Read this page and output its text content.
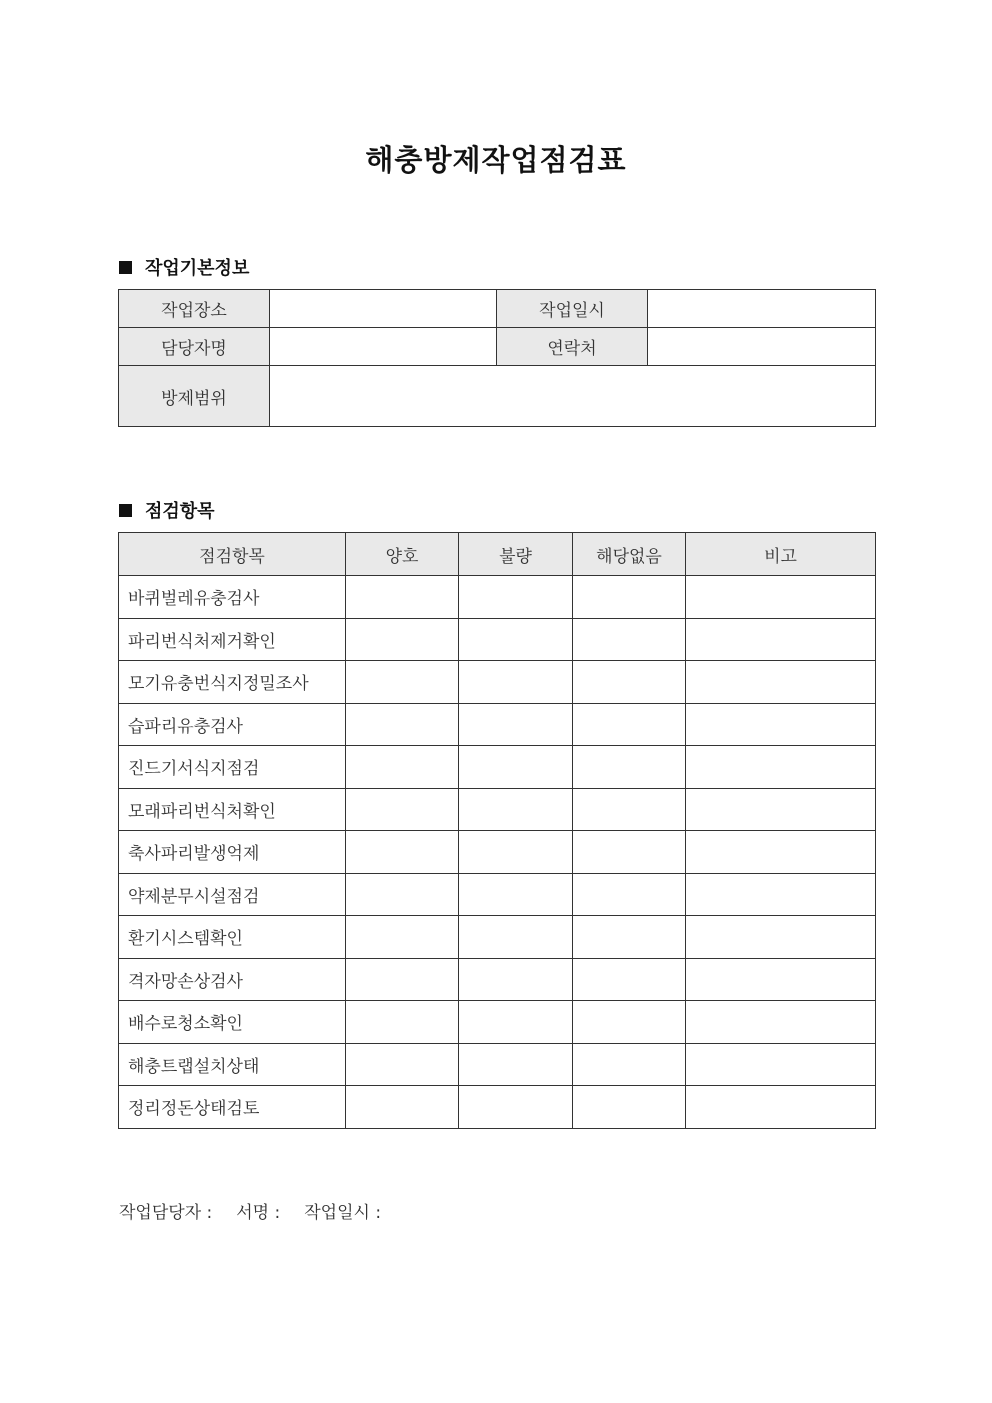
해충방제작업점검표
작업기본정보
작업장소		작업일시	
담당자명		연락처	
방제범위			
점검항목
점검항목	양호	불량	해당없음	비고
바퀴벌레유충검사				
파리번식처제거확인				
모기유충번식지정밀조사				
습파리유충검사				
진드기서식지점검				
모래파리번식처확인				
축사파리발생억제				
약제분무시설점검				
환기시스템확인				
격자망손상검사				
배수로청소확인				
해충트랩설치상태				
정리정돈상태검토				
작업담당자 : 서명 : 작업일시 :
